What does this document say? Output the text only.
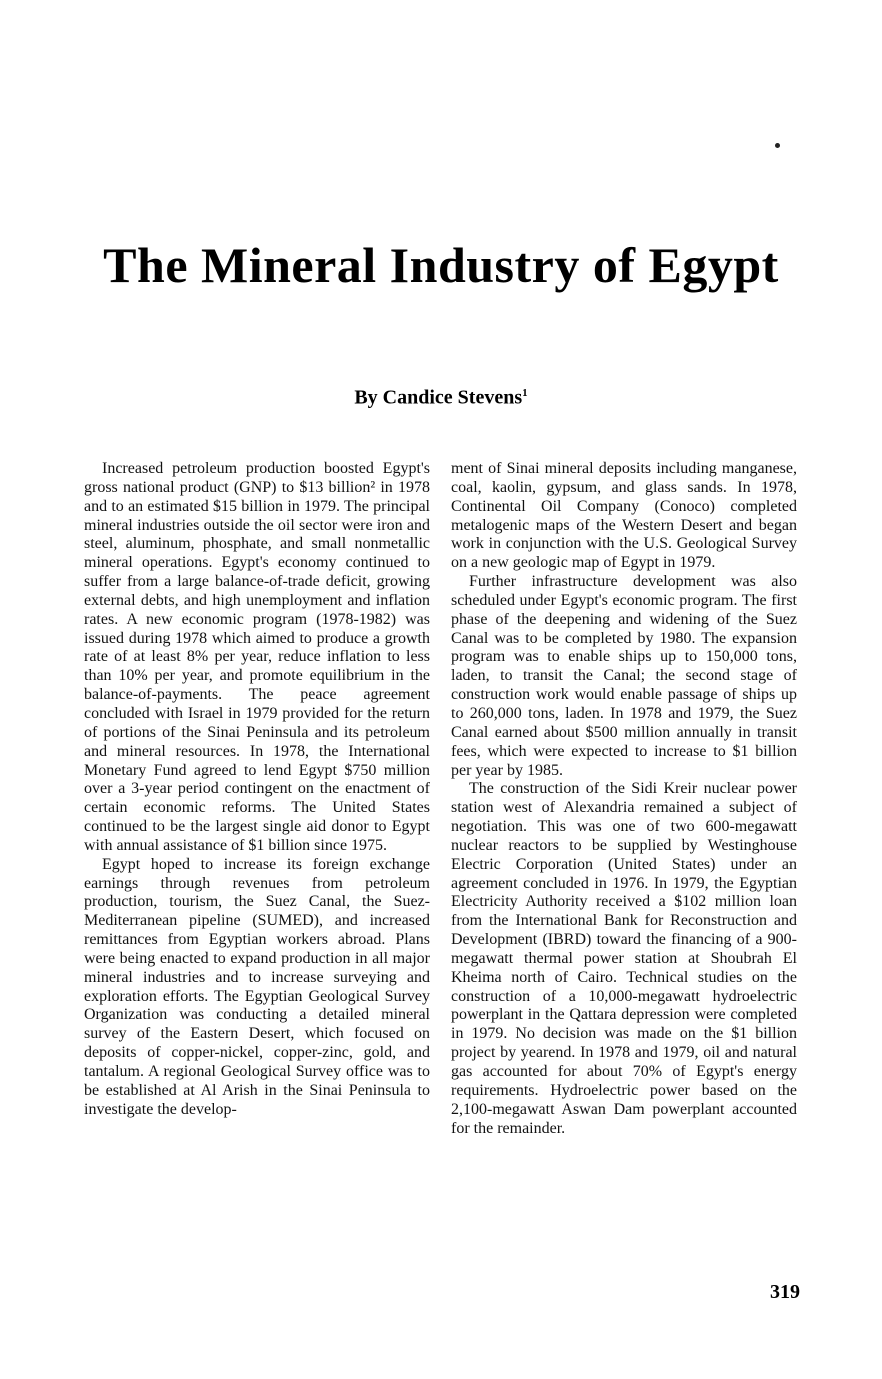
The Mineral Industry of Egypt
By Candice Stevens$^1$

Increased petroleum production boosted Egypt's gross national product (GNP) to $13 billion² in 1978 and to an estimated $15 billion in 1979. The principal mineral industries outside the oil sector were iron and steel, aluminum, phosphate, and small nonmetallic mineral operations. Egypt's economy continued to suffer from a large balance-of-trade deficit, growing external debts, and high unemployment and inflation rates. A new economic program (1978-1982) was issued during 1978 which aimed to produce a growth rate of at least 8% per year, reduce inflation to less than 10% per year, and promote equilibrium in the balance-of-payments. The peace agreement concluded with Israel in 1979 provided for the return of portions of the Sinai Peninsula and its petroleum and mineral resources. In 1978, the International Monetary Fund agreed to lend Egypt $750 million over a 3-year period contingent on the enactment of certain economic reforms. The United States continued to be the largest single aid donor to Egypt with annual assistance of $1 billion since 1975.

Egypt hoped to increase its foreign exchange earnings through revenues from petroleum production, tourism, the Suez Canal, the Suez-Mediterranean pipeline (SUMED), and increased remittances from Egyptian workers abroad. Plans were being enacted to expand production in all major mineral industries and to increase surveying and exploration efforts. The Egyptian Geological Survey Organization was conducting a detailed mineral survey of the Eastern Desert, which focused on deposits of copper-nickel, copper-zinc, gold, and tantalum. A regional Geological Survey office was to be established at Al Arish in the Sinai Peninsula to investigate the develop-

ment of Sinai mineral deposits including manganese, coal, kaolin, gypsum, and glass sands. In 1978, Continental Oil Company (Conoco) completed metalogenic maps of the Western Desert and began work in conjunction with the U.S. Geological Survey on a new geologic map of Egypt in 1979.

Further infrastructure development was also scheduled under Egypt's economic program. The first phase of the deepening and widening of the Suez Canal was to be completed by 1980. The expansion program was to enable ships up to 150,000 tons, laden, to transit the Canal; the second stage of construction work would enable passage of ships up to 260,000 tons, laden. In 1978 and 1979, the Suez Canal earned about $500 million annually in transit fees, which were expected to increase to $1 billion per year by 1985.

The construction of the Sidi Kreir nuclear power station west of Alexandria remained a subject of negotiation. This was one of two 600-megawatt nuclear reactors to be supplied by Westinghouse Electric Corporation (United States) under an agreement concluded in 1976. In 1979, the Egyptian Electricity Authority received a $102 million loan from the International Bank for Reconstruction and Development (IBRD) toward the financing of a 900-megawatt thermal power station at Shoubrah El Kheima north of Cairo. Technical studies on the construction of a 10,000-megawatt hydroelectric powerplant in the Qattara depression were completed in 1979. No decision was made on the $1 billion project by yearend. In 1978 and 1979, oil and natural gas accounted for about 70% of Egypt's energy requirements. Hydroelectric power based on the 2,100-megawatt Aswan Dam powerplant accounted for the remainder.

319
